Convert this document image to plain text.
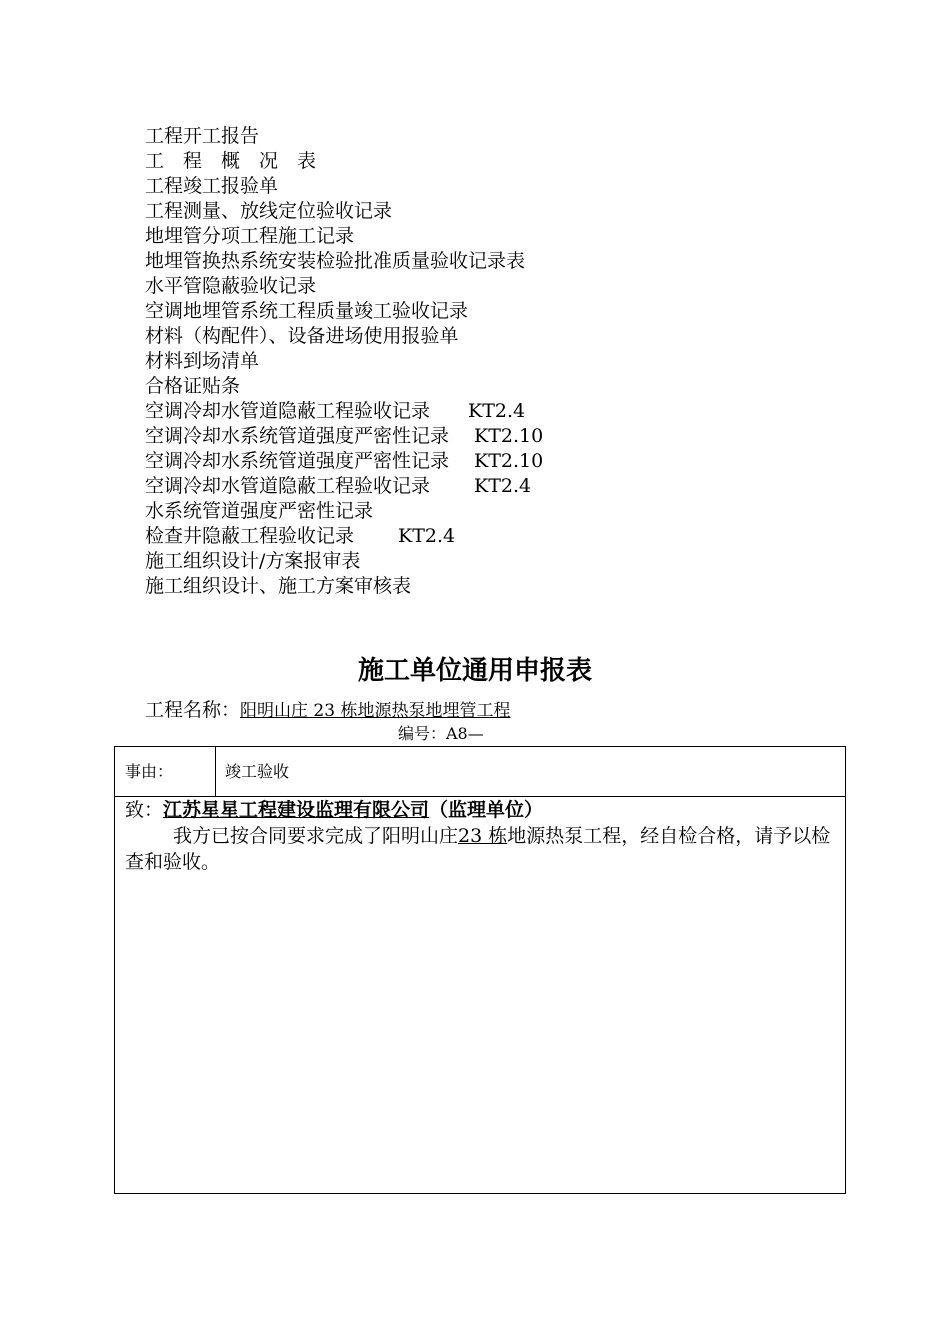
工程开工报告
工　程　概　况　表
工程竣工报验单
工程测量、放线定位验收记录
地埋管分项工程施工记录
地埋管换热系统安装检验批准质量验收记录表
水平管隐蔽验收记录
空调地埋管系统工程质量竣工验收记录
材料（构配件）、设备进场使用报验单
材料到场清单
合格证贴条
空调冷却水管道隐蔽工程验收记录　　KT2.4
空调冷却水系统管道强度严密性记录　 KT2.10
空调冷却水系统管道强度严密性记录　 KT2.10
空调冷却水管道隐蔽工程验收记录　　 KT2.4
水系统管道强度严密性记录
检查井隐蔽工程验收记录　　 KT2.4
施工组织设计/方案报审表
施工组织设计、施工方案审核表
施工单位通用申报表
工程名称：阳明山庄 23 栋地源热泵地埋管工程
编号：A8—
事由：	竣工验收
致：江苏星星工程建设监理有限公司（监理单位）

我方已按合同要求完成了阳明山庄23 栋地源热泵工程，经自检合格，请予以检查和验收。
